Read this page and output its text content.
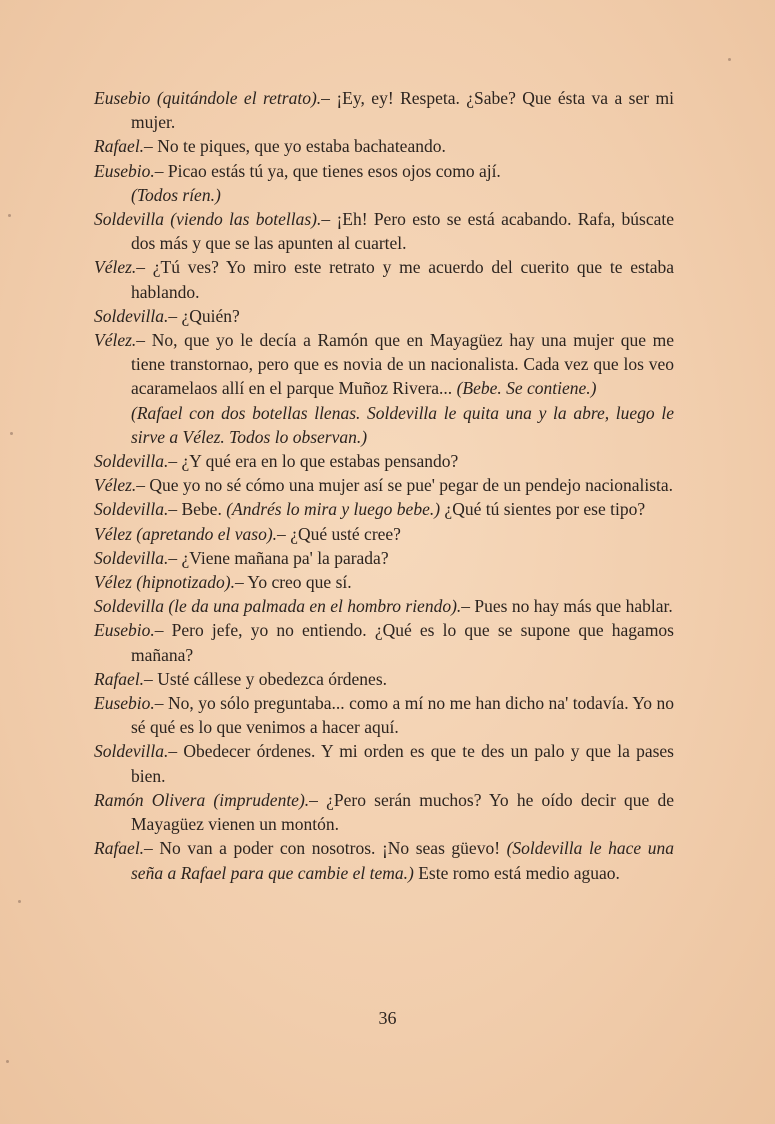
Eusebio (quitándole el retrato).– ¡Ey, ey! Respeta. ¿Sabe? Que ésta va a ser mi mujer.

Rafael.– No te piques, que yo estaba bachateando.

Eusebio.– Picao estás tú ya, que tienes esos ojos como ají.

(Todos ríen.)

Soldevilla (viendo las botellas).– ¡Eh! Pero esto se está acabando. Rafa, búscate dos más y que se las apunten al cuartel.

Vélez.– ¿Tú ves? Yo miro este retrato y me acuerdo del cuerito que te estaba hablando.

Soldevilla.– ¿Quién?

Vélez.– No, que yo le decía a Ramón que en Mayagüez hay una mujer que me tiene transtornao, pero que es novia de un nacionalista. Cada vez que los veo acaramelaos allí en el parque Muñoz Rivera... (Bebe. Se contiene.)

(Rafael con dos botellas llenas. Soldevilla le quita una y la abre, luego le sirve a Vélez. Todos lo observan.)

Soldevilla.– ¿Y qué era en lo que estabas pensando?

Vélez.– Que yo no sé cómo una mujer así se pue' pegar de un pendejo nacionalista.

Soldevilla.– Bebe. (Andrés lo mira y luego bebe.) ¿Qué tú sientes por ese tipo?

Vélez (apretando el vaso).– ¿Qué usté cree?

Soldevilla.– ¿Viene mañana pa' la parada?

Vélez (hipnotizado).– Yo creo que sí.

Soldevilla (le da una palmada en el hombro riendo).– Pues no hay más que hablar.

Eusebio.– Pero jefe, yo no entiendo. ¿Qué es lo que se supone que hagamos mañana?

Rafael.– Usté cállese y obedezca órdenes.

Eusebio.– No, yo sólo preguntaba... como a mí no me han dicho na' todavía. Yo no sé qué es lo que venimos a hacer aquí.

Soldevilla.– Obedecer órdenes. Y mi orden es que te des un palo y que la pases bien.

Ramón Olivera (imprudente).– ¿Pero serán muchos? Yo he oído decir que de Mayagüez vienen un montón.

Rafael.– No van a poder con nosotros. ¡No seas güevo! (Soldevilla le hace una seña a Rafael para que cambie el tema.) Este romo está medio aguao.

36
